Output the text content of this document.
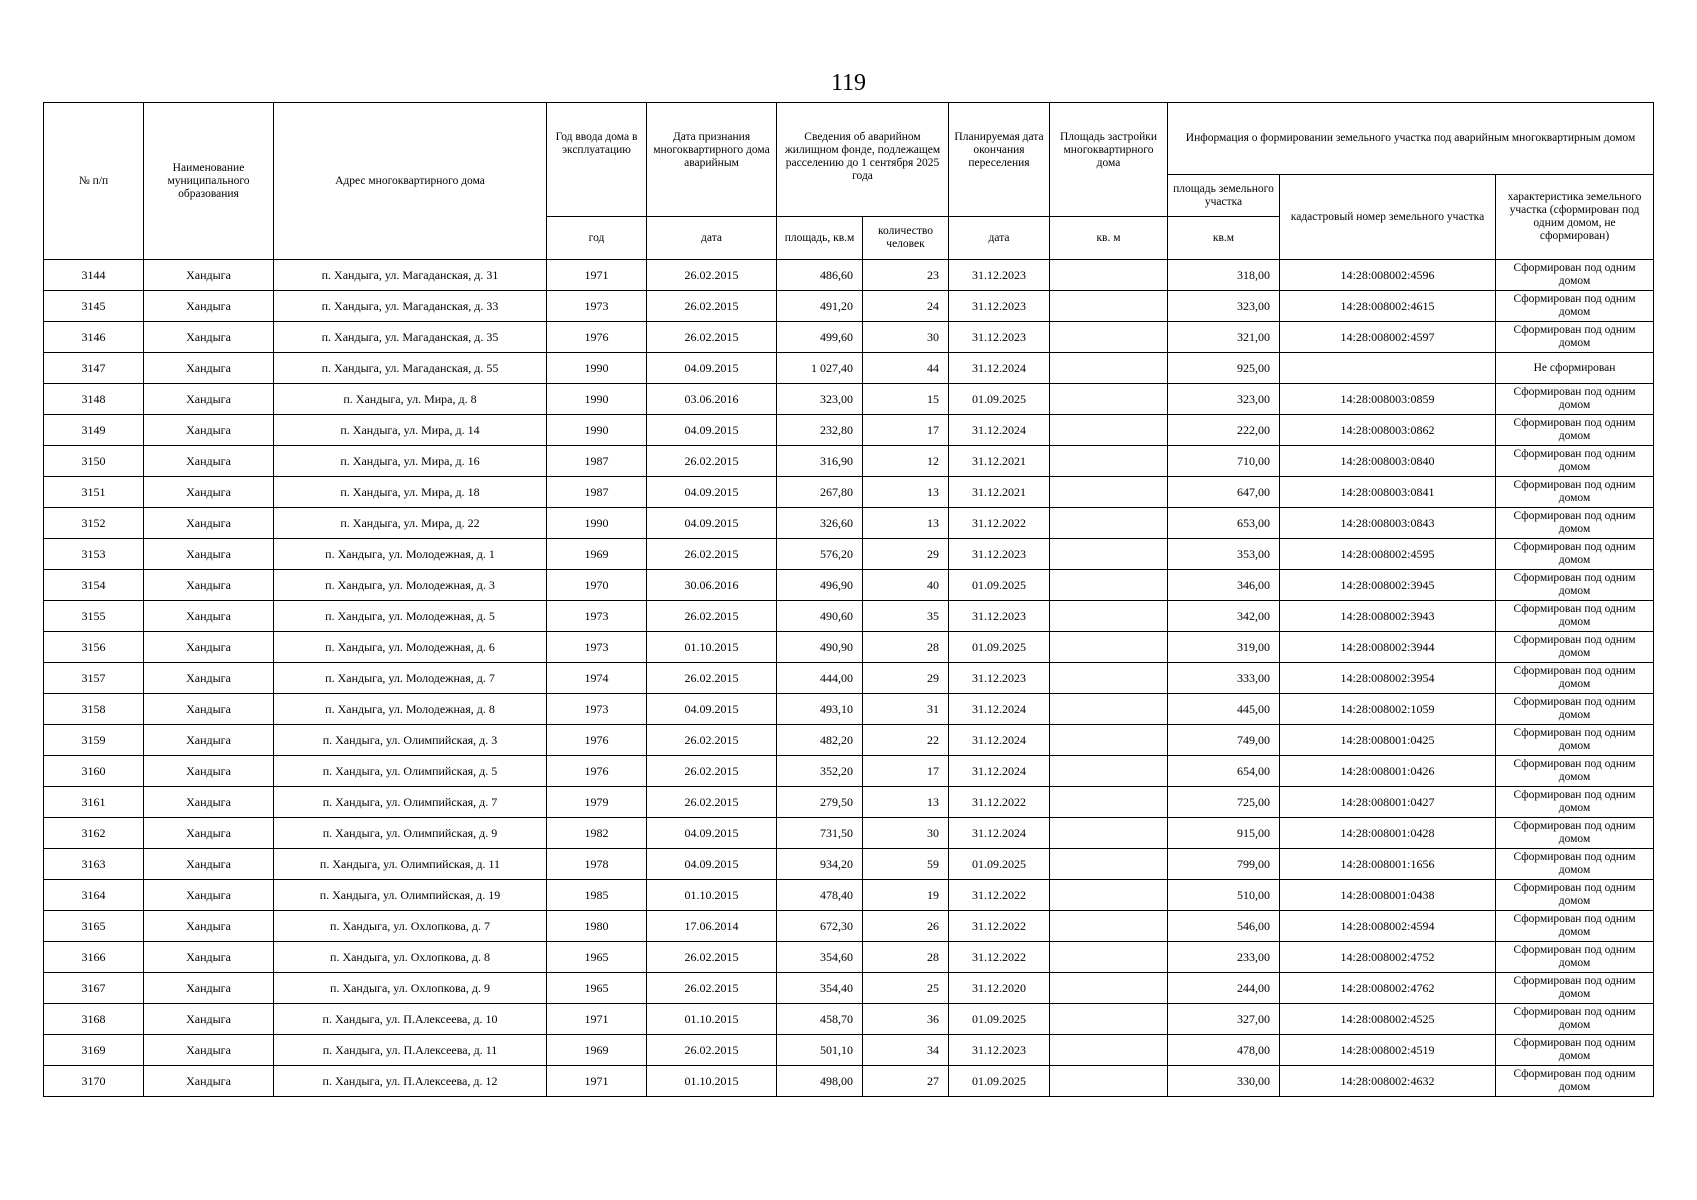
119
№ п/п	Наименование муниципального образования	Адрес многоквартирного дома	Год ввода дома в эксплуатацию	Дата признания многоквартирного дома аварийным	Сведения об аварийном жилищном фонде, подлежащем расселению до 1 сентября 2025 года		Планируемая дата окончания переселения	Площадь застройки многоквартирного дома	Информация о формировании земельного участка под аварийным многоквартирным домом		
									площадь земельного участка	кадастровый номер земельного участка	характеристика земельного участка (сформирован под одним домом, не сформирован)
			год	дата	площадь, кв.м	количество человек	дата	кв. м	кв.м		
3144	Хандыга	п. Хандыга, ул. Магаданская, д. 31	1971	26.02.2015	486,60	23	31.12.2023		318,00	14:28:008002:4596	Сформирован под одним домом
3145	Хандыга	п. Хандыга, ул. Магаданская, д. 33	1973	26.02.2015	491,20	24	31.12.2023		323,00	14:28:008002:4615	Сформирован под одним домом
3146	Хандыга	п. Хандыга, ул. Магаданская, д. 35	1976	26.02.2015	499,60	30	31.12.2023		321,00	14:28:008002:4597	Сформирован под одним домом
3147	Хандыга	п. Хандыга, ул. Магаданская, д. 55	1990	04.09.2015	1 027,40	44	31.12.2024		925,00		Не сформирован
3148	Хандыга	п. Хандыга, ул. Мира, д. 8	1990	03.06.2016	323,00	15	01.09.2025		323,00	14:28:008003:0859	Сформирован под одним домом
3149	Хандыга	п. Хандыга, ул. Мира, д. 14	1990	04.09.2015	232,80	17	31.12.2024		222,00	14:28:008003:0862	Сформирован под одним домом
3150	Хандыга	п. Хандыга, ул. Мира, д. 16	1987	26.02.2015	316,90	12	31.12.2021		710,00	14:28:008003:0840	Сформирован под одним домом
3151	Хандыга	п. Хандыга, ул. Мира, д. 18	1987	04.09.2015	267,80	13	31.12.2021		647,00	14:28:008003:0841	Сформирован под одним домом
3152	Хандыга	п. Хандыга, ул. Мира, д. 22	1990	04.09.2015	326,60	13	31.12.2022		653,00	14:28:008003:0843	Сформирован под одним домом
3153	Хандыга	п. Хандыга, ул. Молодежная, д. 1	1969	26.02.2015	576,20	29	31.12.2023		353,00	14:28:008002:4595	Сформирован под одним домом
3154	Хандыга	п. Хандыга, ул. Молодежная, д. 3	1970	30.06.2016	496,90	40	01.09.2025		346,00	14:28:008002:3945	Сформирован под одним домом
3155	Хандыга	п. Хандыга, ул. Молодежная, д. 5	1973	26.02.2015	490,60	35	31.12.2023		342,00	14:28:008002:3943	Сформирован под одним домом
3156	Хандыга	п. Хандыга, ул. Молодежная, д. 6	1973	01.10.2015	490,90	28	01.09.2025		319,00	14:28:008002:3944	Сформирован под одним домом
3157	Хандыга	п. Хандыга, ул. Молодежная, д. 7	1974	26.02.2015	444,00	29	31.12.2023		333,00	14:28:008002:3954	Сформирован под одним домом
3158	Хандыга	п. Хандыга, ул. Молодежная, д. 8	1973	04.09.2015	493,10	31	31.12.2024		445,00	14:28:008002:1059	Сформирован под одним домом
3159	Хандыга	п. Хандыга, ул. Олимпийская, д. 3	1976	26.02.2015	482,20	22	31.12.2024		749,00	14:28:008001:0425	Сформирован под одним домом
3160	Хандыга	п. Хандыга, ул. Олимпийская, д. 5	1976	26.02.2015	352,20	17	31.12.2024		654,00	14:28:008001:0426	Сформирован под одним домом
3161	Хандыга	п. Хандыга, ул. Олимпийская, д. 7	1979	26.02.2015	279,50	13	31.12.2022		725,00	14:28:008001:0427	Сформирован под одним домом
3162	Хандыга	п. Хандыга, ул. Олимпийская, д. 9	1982	04.09.2015	731,50	30	31.12.2024		915,00	14:28:008001:0428	Сформирован под одним домом
3163	Хандыга	п. Хандыга, ул. Олимпийская, д. 11	1978	04.09.2015	934,20	59	01.09.2025		799,00	14:28:008001:1656	Сформирован под одним домом
3164	Хандыга	п. Хандыга, ул. Олимпийская, д. 19	1985	01.10.2015	478,40	19	31.12.2022		510,00	14:28:008001:0438	Сформирован под одним домом
3165	Хандыга	п. Хандыга, ул. Охлопкова, д. 7	1980	17.06.2014	672,30	26	31.12.2022		546,00	14:28:008002:4594	Сформирован под одним домом
3166	Хандыга	п. Хандыга, ул. Охлопкова, д. 8	1965	26.02.2015	354,60	28	31.12.2022		233,00	14:28:008002:4752	Сформирован под одним домом
3167	Хандыга	п. Хандыга, ул. Охлопкова, д. 9	1965	26.02.2015	354,40	25	31.12.2020		244,00	14:28:008002:4762	Сформирован под одним домом
3168	Хандыга	п. Хандыга, ул. П.Алексеева, д. 10	1971	01.10.2015	458,70	36	01.09.2025		327,00	14:28:008002:4525	Сформирован под одним домом
3169	Хандыга	п. Хандыга, ул. П.Алексеева, д. 11	1969	26.02.2015	501,10	34	31.12.2023		478,00	14:28:008002:4519	Сформирован под одним домом
3170	Хандыга	п. Хандыга, ул. П.Алексеева, д. 12	1971	01.10.2015	498,00	27	01.09.2025		330,00	14:28:008002:4632	Сформирован под одним домом
